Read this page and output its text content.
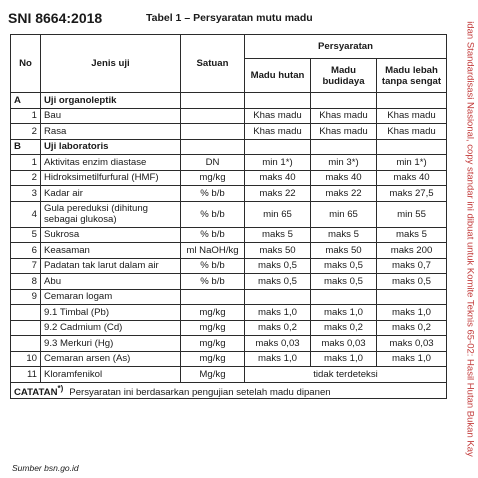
SNI 8664:2018	Tabel 1 – Persyaratan mutu madu
idan Standardisasi Nasional, copy standar ini dibuat untuk Komite Teknis 65-02: Hasil Hutan Bukan Kay
No	Jenis uji	Satuan	Persyaratan		
			Madu hutan	Madu budidaya	Madu lebah tanpa sengat
A	Uji organoleptik				
1	Bau		Khas madu	Khas madu	Khas madu
2	Rasa		Khas madu	Khas madu	Khas madu
B	Uji laboratoris				
1	Aktivitas enzim diastase	DN	min 1*)	min 3*)	min 1*)
2	Hidroksimetilfurfural (HMF)	mg/kg	maks 40	maks 40	maks 40
3	Kadar air	% b/b	maks 22	maks 22	maks 27,5
4	Gula pereduksi (dihitung sebagai glukosa)	% b/b	min 65	min 65	min 55
5	Sukrosa	% b/b	maks 5	maks 5	maks 5
6	Keasaman	ml NaOH/kg	maks 50	maks 50	maks 200
7	Padatan tak larut dalam air	% b/b	maks 0,5	maks 0,5	maks 0,7
8	Abu	% b/b	maks 0,5	maks 0,5	maks 0,5
9	Cemaran logam				
	9.1 Timbal (Pb)	mg/kg	maks 1,0	maks 1,0	maks 1,0
	9.2 Cadmium (Cd)	mg/kg	maks 0,2	maks 0,2	maks 0,2
	9.3 Merkuri (Hg)	mg/kg	maks 0,03	maks 0,03	maks 0,03
10	Cemaran arsen (As)	mg/kg	maks 1,0	maks 1,0	maks 1,0
11	Kloramfenikol	Mg/kg	tidak terdeteksi		
CATATAN*) Persyaratan ini berdasarkan pengujian setelah madu dipanen					
Sumber bsn.go.id
